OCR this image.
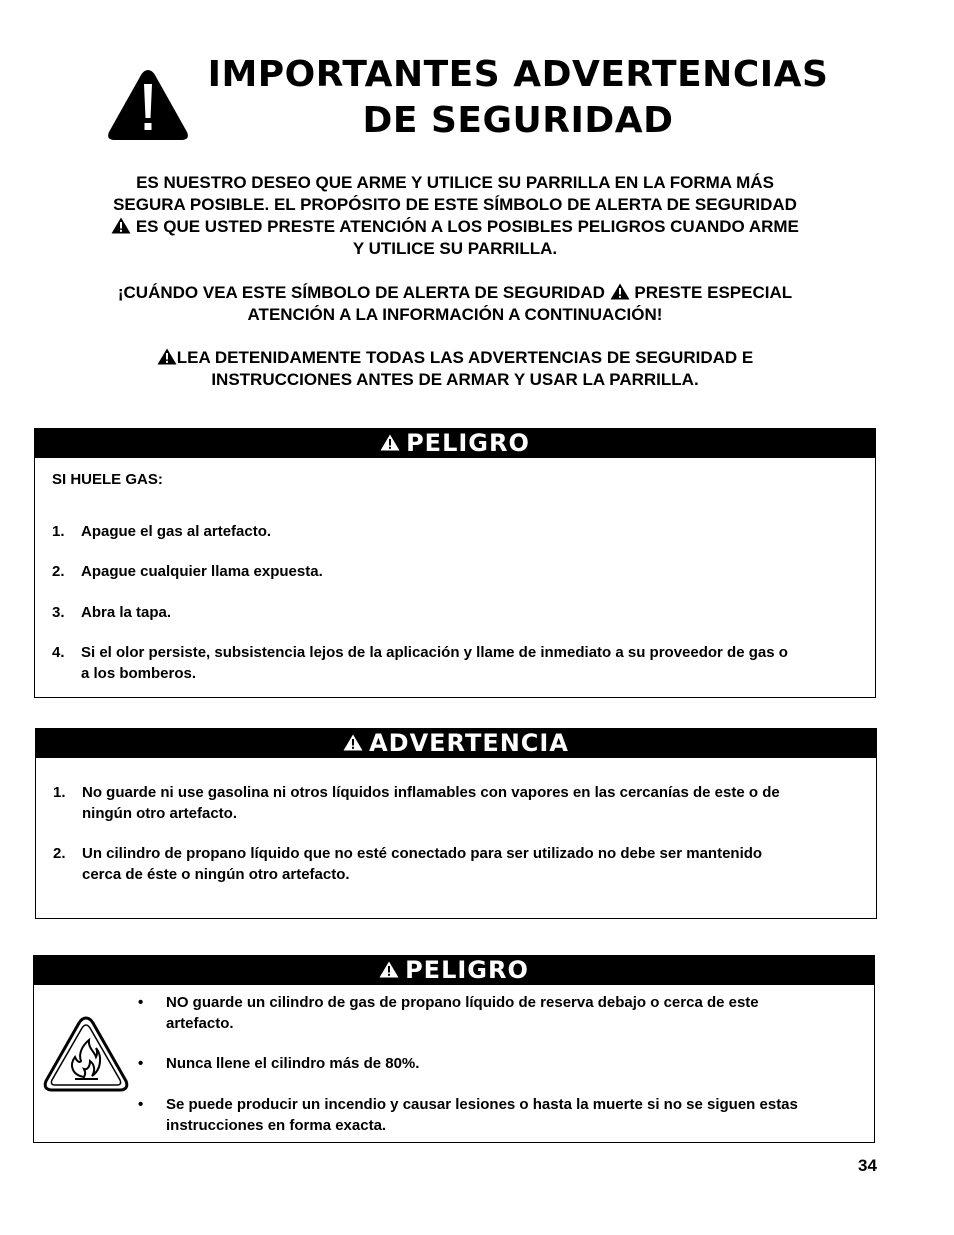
IMPORTANTES ADVERTENCIAS
DE SEGURIDAD
ES NUESTRO DESEO QUE ARME Y UTILICE SU PARRILLA EN LA FORMA MÁS
SEGURA POSIBLE. EL PROPÓSITO DE ESTE SÍMBOLO DE ALERTA DE SEGURIDAD
ES QUE USTED PRESTE ATENCIÓN A LOS POSIBLES PELIGROS CUANDO ARME
Y UTILICE SU PARRILLA.
¡CUÁNDO VEA ESTE SÍMBOLO DE ALERTA DE SEGURIDAD PRESTE ESPECIAL
ATENCIÓN A LA INFORMACIÓN A CONTINUACIÓN!
LEA DETENIDAMENTE TODAS LAS ADVERTENCIAS DE SEGURIDAD E
INSTRUCCIONES ANTES DE ARMAR Y USAR LA PARRILLA.
PELIGRO
SI HUELE GAS:
1. Apague el gas al artefacto.
2. Apague cualquier llama expuesta.
3. Abra la tapa.
4. Si el olor persiste, subsistencia lejos de la aplicación y llame de inmediato a su proveedor de gas o
a los bomberos.
ADVERTENCIA
1. No guarde ni use gasolina ni otros líquidos inflamables con vapores en las cercanías de este o de
ningún otro artefacto.
2. Un cilindro de propano líquido que no esté conectado para ser utilizado no debe ser mantenido
cerca de éste o ningún otro artefacto.
PELIGRO
• NO guarde un cilindro de gas de propano líquido de reserva debajo o cerca de este
artefacto.
• Nunca llene el cilindro más de 80%.
• Se puede producir un incendio y causar lesiones o hasta la muerte si no se siguen estas
instrucciones en forma exacta.
34
